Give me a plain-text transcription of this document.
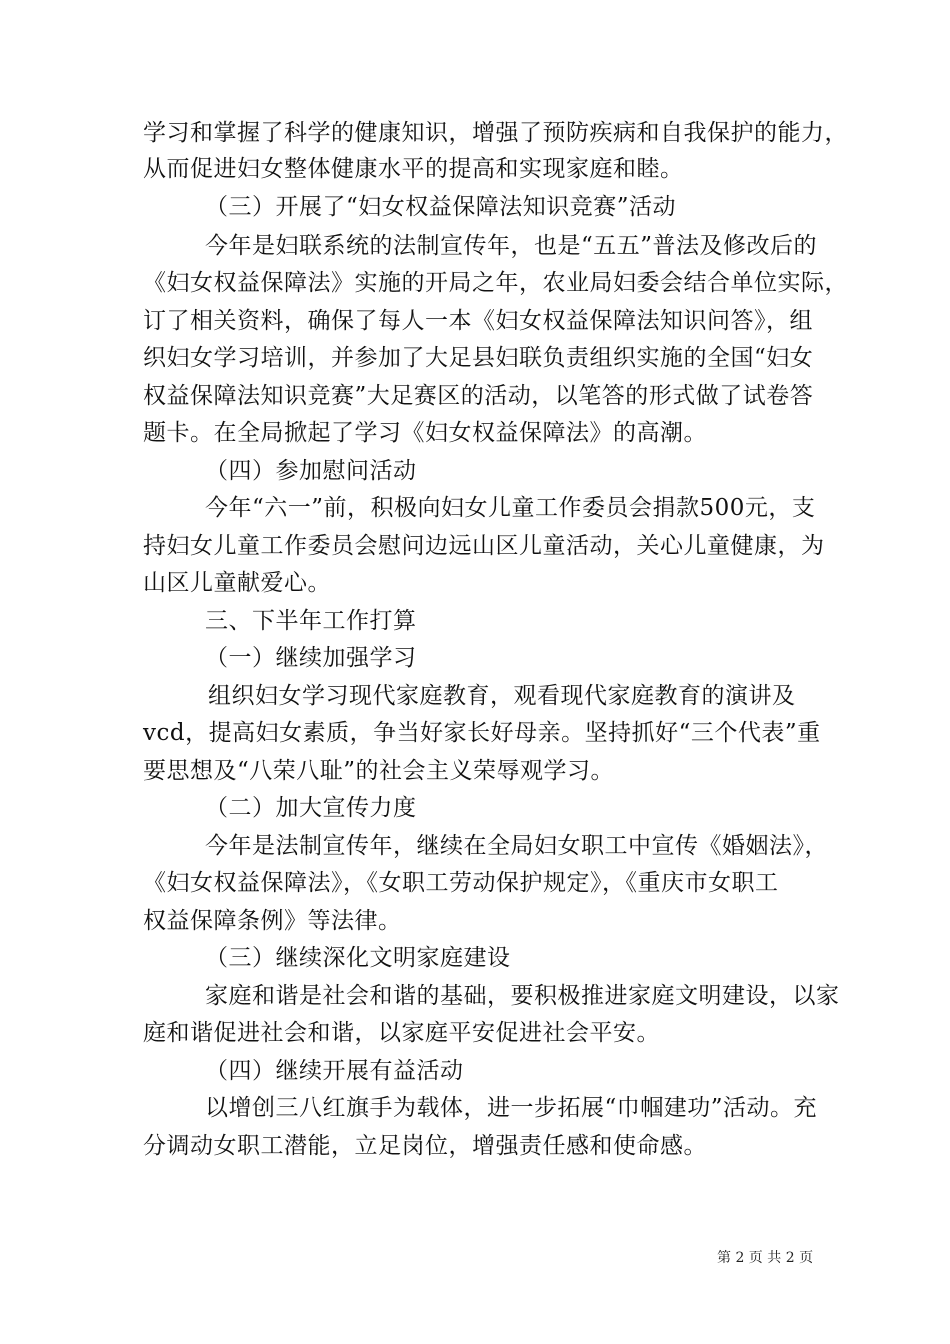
学习和掌握了科学的健康知识，增强了预防疾病和自我保护的能力，
从而促进妇女整体健康水平的提高和实现家庭和睦。
（三）开展了“妇女权益保障法知识竞赛”活动
今年是妇联系统的法制宣传年，也是“五五”普法及修改后的
《妇女权益保障法》实施的开局之年，农业局妇委会结合单位实际，
订了相关资料，确保了每人一本《妇女权益保障法知识问答》，组
织妇女学习培训，并参加了大足县妇联负责组织实施的全国“妇女
权益保障法知识竞赛”大足赛区的活动，以笔答的形式做了试卷答
题卡。在全局掀起了学习《妇女权益保障法》的高潮。
（四）参加慰问活动
今年“六一”前，积极向妇女儿童工作委员会捐款500元，支
持妇女儿童工作委员会慰问边远山区儿童活动，关心儿童健康，为
山区儿童献爱心。
三、下半年工作打算
（一）继续加强学习
组织妇女学习现代家庭教育，观看现代家庭教育的演讲及
vcd，提高妇女素质，争当好家长好母亲。坚持抓好“三个代表”重
要思想及“八荣八耻”的社会主义荣辱观学习。
（二）加大宣传力度
今年是法制宣传年，继续在全局妇女职工中宣传《婚姻法》，
《妇女权益保障法》，《女职工劳动保护规定》，《重庆市女职工
权益保障条例》等法律。
（三）继续深化文明家庭建设
家庭和谐是社会和谐的基础，要积极推进家庭文明建设，以家
庭和谐促进社会和谐，以家庭平安促进社会平安。
（四）继续开展有益活动
以增创三八红旗手为载体，进一步拓展“巾帼建功”活动。充
分调动女职工潜能，立足岗位，增强责任感和使命感。
第 2 页 共 2 页
